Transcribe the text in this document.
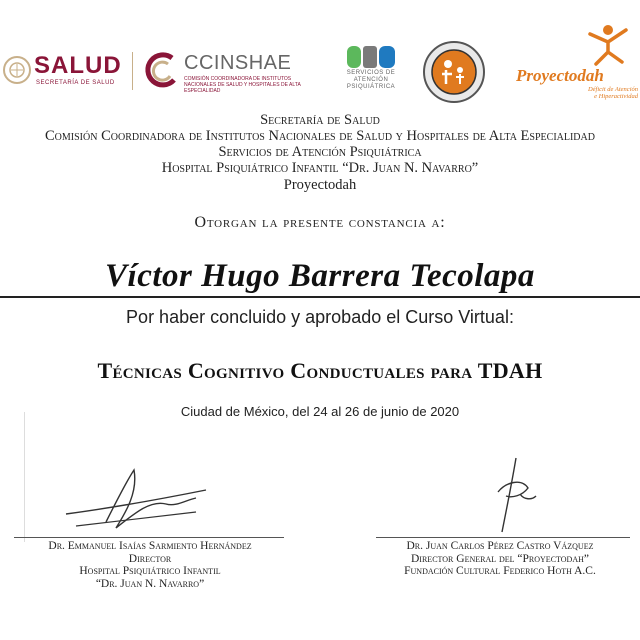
SALUD
SECRETARÍA DE SALUD
CCINSHAE
COMISIÓN COORDINADORA DE INSTITUTOS NACIONALES DE SALUD Y HOSPITALES DE ALTA ESPECIALIDAD
SERVICIOS DE
ATENCIÓN
PSIQUIÁTRICA
Proyectodah
Déficit de Atención
e Hiperactividad
Secretaría de Salud
Comisión Coordinadora de Institutos Nacionales de Salud y Hospitales de Alta Especialidad
Servicios de Atención Psiquiátrica
Hospital Psiquiátrico Infantil “Dr. Juan N. Navarro”
Proyectodah
Otorgan la presente constancia a:
Víctor Hugo Barrera Tecolapa
Por haber concluido y aprobado el Curso Virtual:
Técnicas Cognitivo Conductuales para TDAH
Ciudad de México, del 24 al 26 de junio de 2020
Dr. Emmanuel Isaías Sarmiento Hernández
Director
Hospital Psiquiátrico Infantil
“Dr. Juan N. Navarro”
Dr. Juan Carlos Pérez Castro Vázquez
Director General del “Proyectodah”
Fundación Cultural Federico Hoth A.C.
